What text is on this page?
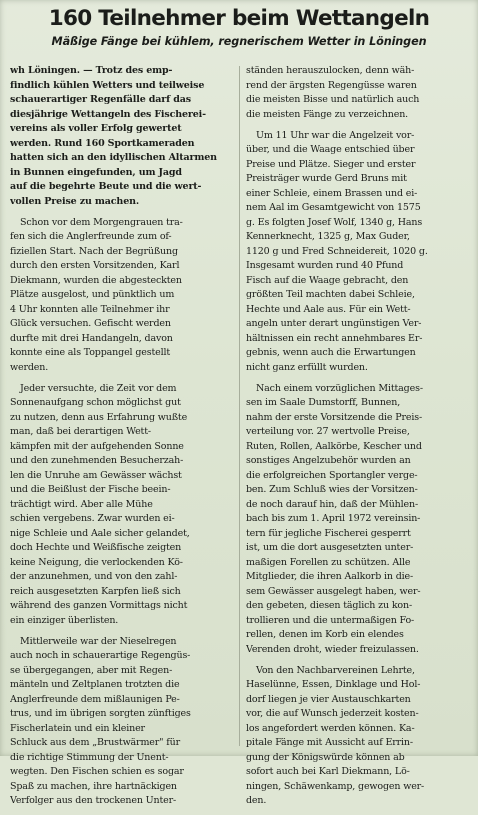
160 Teilnehmer beim Wettangeln
Mäßige Fänge bei kühlem, regnerischem Wetter in Löningen
wh Löningen. — Trotz des emp-
findlich kühlen Wetters und teilweise
schauerartiger Regenfälle darf das
diesjährige Wettangeln des Fischerei-
vereins als voller Erfolg gewertet
werden. Rund 160 Sportkameraden
hatten sich an den idyllischen Altarmen
in Bunnen eingefunden, um Jagd
auf die begehrte Beute und die wert-
vollen Preise zu machen.
Schon vor dem Morgengrauen tra-
fen sich die Anglerfreunde zum of-
fiziellen Start. Nach der Begrüßung
durch den ersten Vorsitzenden, Karl
Diekmann, wurden die abgesteckten
Plätze ausgelost, und pünktlich um
4 Uhr konnten alle Teilnehmer ihr
Glück versuchen. Gefischt werden
durfte mit drei Handangeln, davon
konnte eine als Toppangel gestellt
werden.
Jeder versuchte, die Zeit vor dem
Sonnenaufgang schon möglichst gut
zu nutzen, denn aus Erfahrung wußte
man, daß bei derartigen Wett-
kämpfen mit der aufgehenden Sonne
und den zunehmenden Besucherzah-
len die Unruhe am Gewässer wächst
und die Beißlust der Fische beein-
trächtigt wird. Aber alle Mühe
schien vergebens. Zwar wurden ei-
nige Schleie und Aale sicher gelandet,
doch Hechte und Weißfische zeigten
keine Neigung, die verlockenden Kö-
der anzunehmen, und von den zahl-
reich ausgesetzten Karpfen ließ sich
während des ganzen Vormittags nicht
ein einziger überlisten.
Mittlerweile war der Nieselregen
auch noch in schauerartige Regengüs-
se übergegangen, aber mit Regen-
mänteln und Zeltplanen trotzten die
Anglerfreunde dem mißlaunigen Pe-
trus, und im übrigen sorgten zünftiges
Fischerlatein und ein kleiner
Schluck aus dem „Brustwärmer" für
die richtige Stimmung der Unent-
wegten. Den Fischen schien es sogar
Spaß zu machen, ihre hartnäckigen
Verfolger aus den trockenen Unter-
ständen herauszulocken, denn wäh-
rend der ärgsten Regengüsse waren
die meisten Bisse und natürlich auch
die meisten Fänge zu verzeichnen.
Um 11 Uhr war die Angelzeit vor-
über, und die Waage entschied über
Preise und Plätze. Sieger und erster
Preisträger wurde Gerd Bruns mit
einer Schleie, einem Brassen und ei-
nem Aal im Gesamtgewicht von 1575
g. Es folgten Josef Wolf, 1340 g, Hans
Kennerknecht, 1325 g, Max Guder,
1120 g und Fred Schneidereit, 1020 g.
Insgesamt wurden rund 40 Pfund
Fisch auf die Waage gebracht, den
größten Teil machten dabei Schleie,
Hechte und Aale aus. Für ein Wett-
angeln unter derart ungünstigen Ver-
hältnissen ein recht annehmbares Er-
gebnis, wenn auch die Erwartungen
nicht ganz erfüllt wurden.
Nach einem vorzüglichen Mittages-
sen im Saale Dumstorff, Bunnen,
nahm der erste Vorsitzende die Preis-
verteilung vor. 27 wertvolle Preise,
Ruten, Rollen, Aalkörbe, Kescher und
sonstiges Angelzubehör wurden an
die erfolgreichen Sportangler verge-
ben. Zum Schluß wies der Vorsitzen-
de noch darauf hin, daß der Mühlen-
bach bis zum 1. April 1972 vereinsin-
tern für jegliche Fischerei gesperrt
ist, um die dort ausgesetzten unter-
maßigen Forellen zu schützen. Alle
Mitglieder, die ihren Aalkorb in die-
sem Gewässer ausgelegt haben, wer-
den gebeten, diesen täglich zu kon-
trollieren und die untermaßigen Fo-
rellen, denen im Korb ein elendes
Verenden droht, wieder freizulassen.
Von den Nachbarvereinen Lehrte,
Haselünne, Essen, Dinklage und Hol-
dorf liegen je vier Austauschkarten
vor, die auf Wunsch jederzeit kosten-
los angefordert werden können. Ka-
pitale Fänge mit Aussicht auf Errin-
gung der Königswürde können ab
sofort auch bei Karl Diekmann, Lö-
ningen, Schäwenkamp, gewogen wer-
den.
